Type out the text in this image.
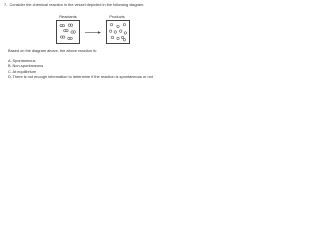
7- Consider the chemical reaction in the vessel depicted in the following diagram.
Reactants	Products
Based on the diagram above, the above reaction is:
A. Spontaneous
B. Non-spontaneous
C. At equilibrium
D. There is not enough information to determine if the reaction is spontaneous or not
